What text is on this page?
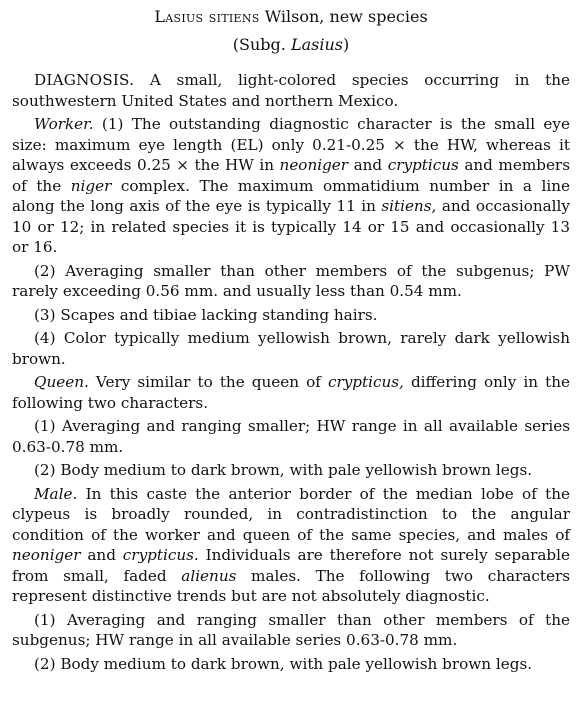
Lasius sitiens Wilson, new species
(Subg. Lasius)

DIAGNOSIS. A small, light-colored species occurring in the southwestern United States and northern Mexico.

Worker. (1) The outstanding diagnostic character is the small eye size: maximum eye length (EL) only 0.21-0.25 × the HW, whereas it always exceeds 0.25 × the HW in neoniger and crypticus and members of the niger complex. The maximum ommatidium number in a line along the long axis of the eye is typically 11 in sitiens, and occasionally 10 or 12; in related species it is typically 14 or 15 and occasionally 13 or 16.

(2) Averaging smaller than other members of the subgenus; PW rarely exceeding 0.56 mm. and usually less than 0.54 mm.

(3) Scapes and tibiae lacking standing hairs.

(4) Color typically medium yellowish brown, rarely dark yellowish brown.

Queen. Very similar to the queen of crypticus, differing only in the following two characters.

(1) Averaging and ranging smaller; HW range in all available series 0.63-0.78 mm.

(2) Body medium to dark brown, with pale yellowish brown legs.

Male. In this caste the anterior border of the median lobe of the clypeus is broadly rounded, in contradistinction to the angular condition of the worker and queen of the same species, and males of neoniger and crypticus. Individuals are therefore not surely separable from small, faded alienus males. The following two characters represent distinctive trends but are not absolutely diagnostic.

(1) Averaging and ranging smaller than other members of the subgenus; HW range in all available series 0.63-0.78 mm.

(2) Body medium to dark brown, with pale yellowish brown legs.
